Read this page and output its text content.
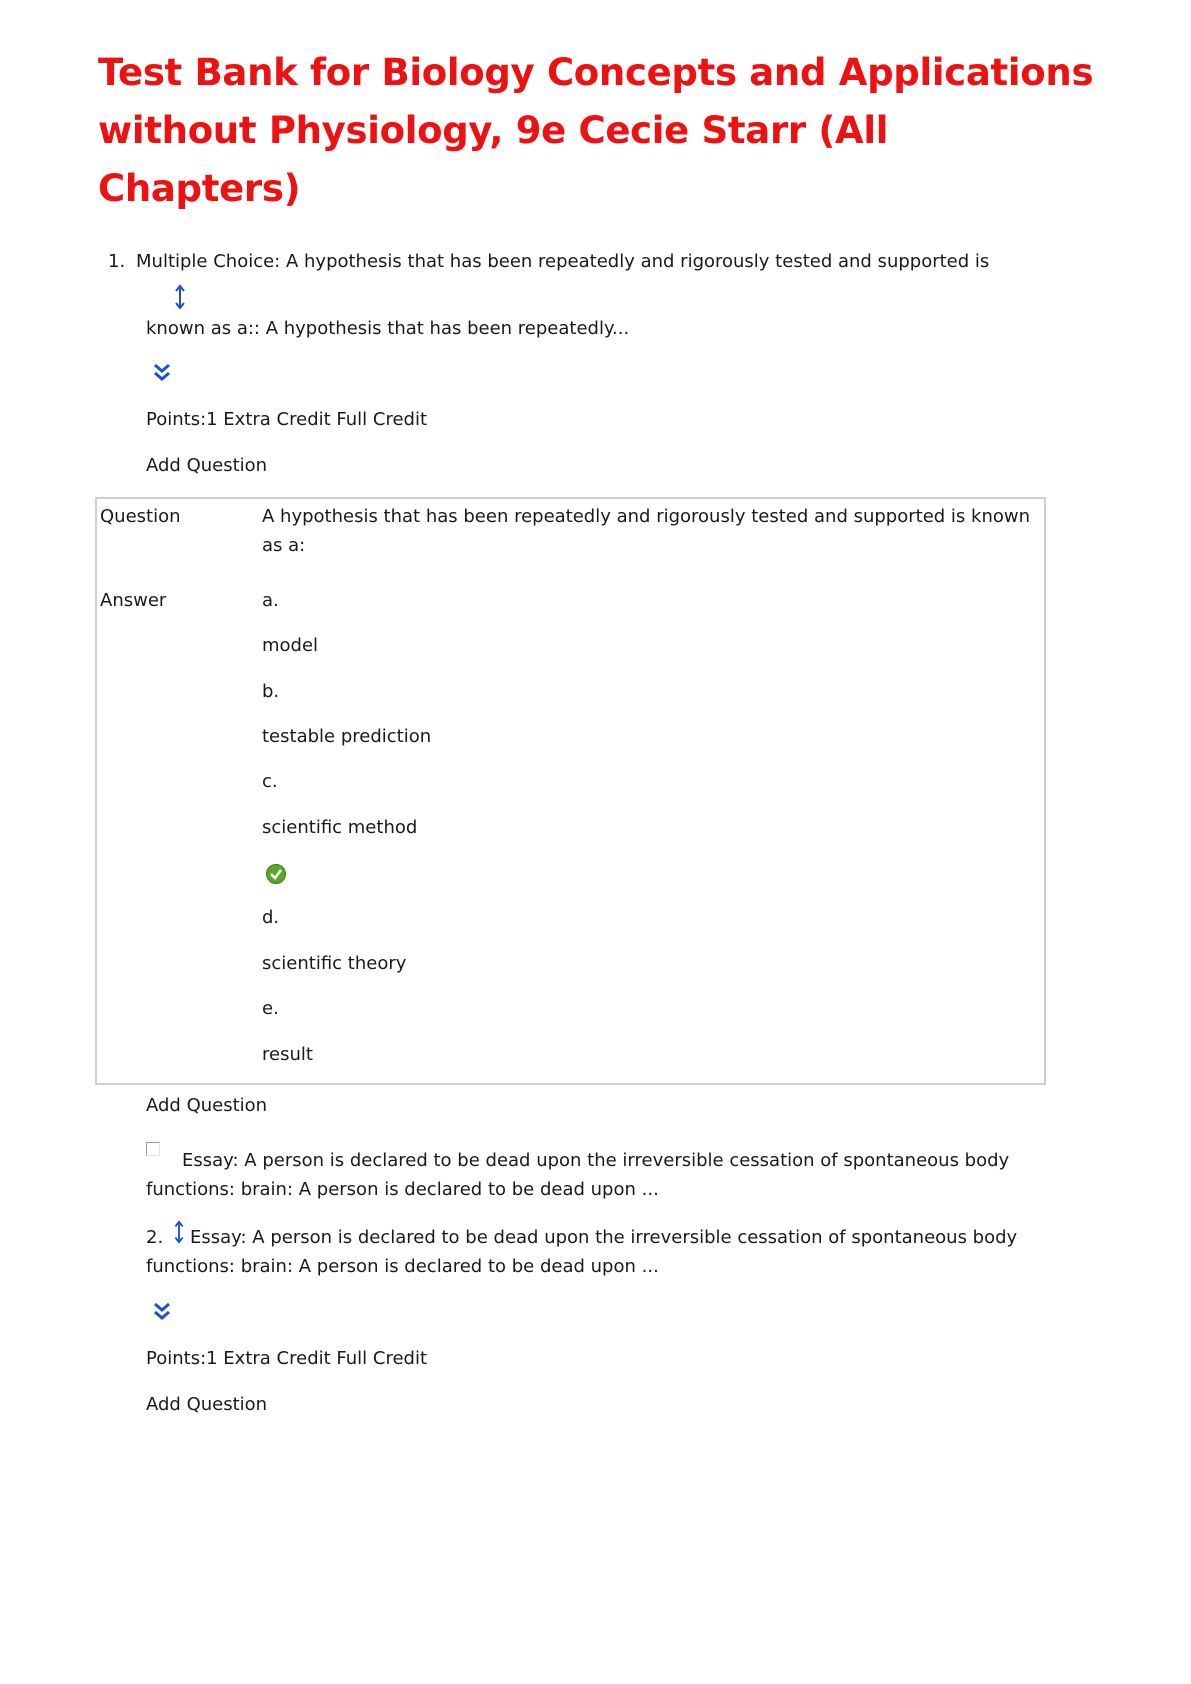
Test Bank for Biology Concepts and Applications
without Physiology, 9e Cecie Starr (All Chapters)
1. Multiple Choice: A hypothesis that has been repeatedly and rigorously tested and supported is
known as a:: A hypothesis that has been repeatedly...
Points:1 Extra Credit Full Credit
Add Question
Question	A hypothesis that has been repeatedly and rigorously tested and supported is known
as a:
Answer	a.
model
b.
testable prediction
c.
scientific method
d.
scientific theory
e.
result
Add Question
Essay: A person is declared to be dead upon the irreversible cessation of spontaneous body
functions: brain: A person is declared to be dead upon ...
2. Essay: A person is declared to be dead upon the irreversible cessation of spontaneous body
functions: brain: A person is declared to be dead upon ...
Points:1 Extra Credit Full Credit
Add Question
